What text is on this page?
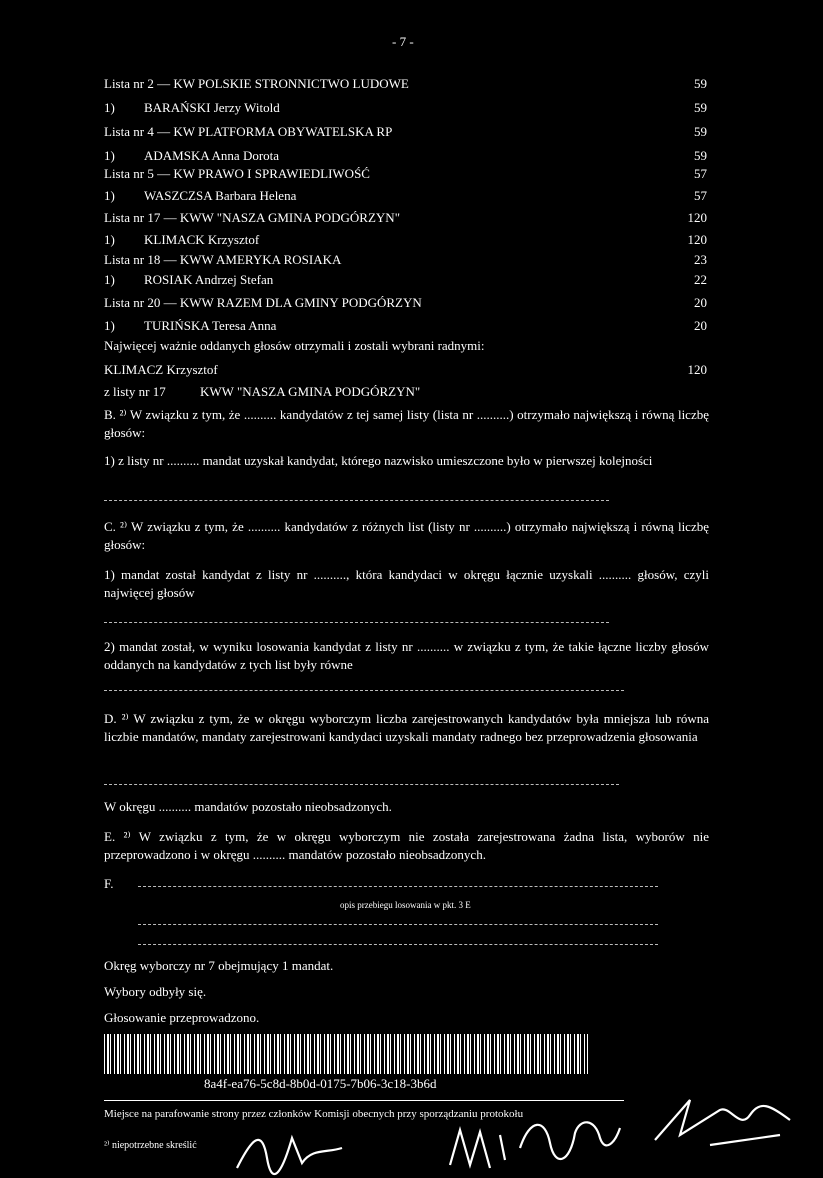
- 7 -
Lista nr 2 — KW POLSKIE STRONNICTWO LUDOWE	59
1) BARAŃSKI Jerzy Witold	59
Lista nr 4 — KW PLATFORMA OBYWATELSKA RP	59
1) ADAMSKA Anna Dorota	59
Lista nr 5 — KW PRAWO I SPRAWIEDLIWOŚĆ	57
1) WASZCZSA Barbara Helena	57
Lista nr 17 — KWW "NASZA GMINA PODGÓRZYN"	120
1) KLIMACK Krzysztof	120
Lista nr 18 — KWW AMERYKA ROSIAKA	23
1) ROSIAK Andrzej Stefan	22
Lista nr 20 — KWW RAZEM DLA GMINY PODGÓRZYN	20
1) TURIŃSKA Teresa Anna	20
Najwięcej ważnie oddanych głosów otrzymali i zostali wybrani radnymi:
KLIMACZ Krzysztof	120
z listy nr 17	KWW "NASZA GMINA PODGÓRZYN"
B. ²⁾ W związku z tym, że .......... kandydatów z tej samej listy (lista nr ..........) otrzymało największą i równą liczbę głosów:
1) z listy nr .......... mandat uzyskał kandydat, którego nazwisko umieszczone było w pierwszej kolejności
C. ²⁾ W związku z tym, że .......... kandydatów z różnych list (listy nr ..........) otrzymało największą i równą liczbę głosów:
1) mandat został kandydat z listy nr .........., która kandydaci w okręgu łącznie uzyskali .......... głosów, czyli najwięcej głosów
2) mandat został, w wyniku losowania kandydat z listy nr .......... w związku z tym, że takie łączne liczby głosów oddanych na kandydatów z tych list były równe
D. ²⁾ W związku z tym, że w okręgu wyborczym liczba zarejestrowanych kandydatów była mniejsza lub równa liczbie mandatów, mandaty zarejestrowani kandydaci uzyskali mandaty radnego bez przeprowadzenia głosowania
W okręgu .......... mandatów pozostało nieobsadzonych.
E. ²⁾ W związku z tym, że w okręgu wyborczym nie została zarejestrowana żadna lista, wyborów nie przeprowadzono i w okręgu .......... mandatów pozostało nieobsadzonych.
F.
opis przebiegu losowania w pkt. 3 E
Okręg wyborczy nr 7 obejmujący 1 mandat.
Wybory odbyły się.
Głosowanie przeprowadzono.
8a4f-ea76-5c8d-8b0d-0175-7b06-3c18-3b6d
Miejsce na parafowanie strony przez członków Komisji obecnych przy sporządzaniu protokołu
²⁾ niepotrzebne skreślić
